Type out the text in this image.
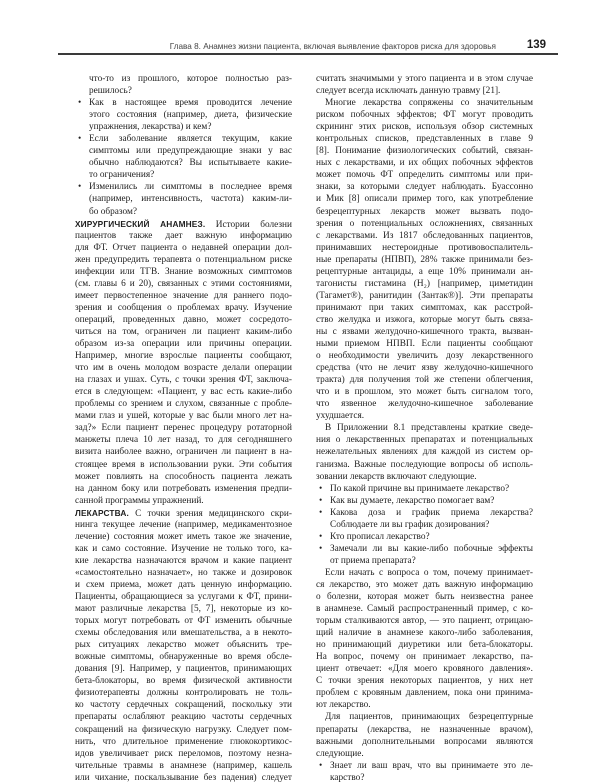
Глава 8. Анамнез жизни пациента, включая выявление факторов риска для здоровья	139
что-то из прошлого, которое полностью раз-
решилось?
• Как в настоящее время проводится лечение
этого состояния (например, диета, физические
упражнения, лекарства) и кем?
• Если заболевание является текущим, какие
симптомы или предупреждающие знаки у вас
обычно наблюдаются? Вы испытываете какие-
то ограничения?
• Изменились ли симптомы в последнее время
(например, интенсивность, частота) каким-ли-
бо образом?
ХИРУРГИЧЕСКИЙ АНАМНЕЗ. Истории болезни
пациентов также дает важную информацию
для ФТ. Отчет пациента о недавней операции дол-
жен предупредить терапевта о потенциальном риске
инфекции или ТГВ. Знание возможных симптомов
(см. главы 6 и 20), связанных с этими состояниями,
имеет первостепенное значение для раннего подо-
зрения и сообщения о проблемах врачу. Изучение
операций, проведенных давно, может сосредото-
читься на том, ограничен ли пациент каким-либо
образом из-за операции или причины операции.
Например, многие взрослые пациенты сообщают,
что им в очень молодом возрасте делали операции
на глазах и ушах. Суть, с точки зрения ФТ, заключа-
ется в следующем: «Пациент, у вас есть какие-либо
проблемы со зрением и слухом, связанные с пробле-
мами глаз и ушей, которые у вас были много лет на-
зад?» Если пациент перенес процедуру ротаторной
манжеты плеча 10 лет назад, то для сегодняшнего
визита наиболее важно, ограничен ли пациент в на-
стоящее время в использовании руки. Эти события
может повлиять на способность пациента лежать
на данном боку или потребовать изменения предпи-
санной программы упражнений.
ЛЕКАРСТВА. С точки зрения медицинского скри-
нинга текущее лечение (например, медикаментозное
лечение) состояния может иметь такое же значение,
как и само состояние. Изучение не только того, ка-
кие лекарства назначаются врачом и какие пациент
«самостоятельно назначает», но также и дозировок
и схем приема, может дать ценную информацию.
Пациенты, обращающиеся за услугами к ФТ, прини-
мают различные лекарства [5, 7], некоторые из ко-
торых могут потребовать от ФТ изменить обычные
схемы обследования или вмешательства, а в некото-
рых ситуациях лекарство может объяснить тре-
вожные симптомы, обнаруженные во время обсле-
дования [9]. Например, у пациентов, принимающих
бета-блокаторы, во время физической активности
физиотерапевты должны контролировать не толь-
ко частоту сердечных сокращений, поскольку эти
препараты ослабляют реакцию частоты сердечных
сокращений на физическую нагрузку. Следует пом-
нить, что длительное применение глюкокортикос-
идов увеличивает риск переломов, поэтому незна-
чительные травмы в анамнезе (например, кашель
или чихание, поскальзывание без падения) следует
считать значимыми у этого пациента и в этом случае
следует всегда исключать данную травму [21].
Многие лекарства сопряжены со значительным
риском побочных эффектов; ФТ могут проводить
скрининг этих рисков, используя обзор системных
контрольных списков, представленных в главе 9
[8]. Понимание физиологических событий, связан-
ных с лекарствами, и их общих побочных эффектов
может помочь ФТ определить симптомы или при-
знаки, за которыми следует наблюдать. Буассонно
и Мик [8] описали пример того, как употребление
безрецептурных лекарств может вызвать подо-
зрения о потенциальных осложнениях, связанных
с лекарствами. Из 1817 обследованных пациентов,
принимавших нестероидные противовоспалитель-
ные препараты (НПВП), 28% также принимали без-
рецептурные антациды, а еще 10% принимали ан-
тагонисты гистамина (H₂) [например, циметидин
(Тагамет®), ранитидин (Зантак®)]. Эти препараты
принимают при таких симптомах, как расстрой-
ство желудка и изжога, которые могут быть связа-
ны с язвами желудочно-кишечного тракта, вызван-
ными приемом НПВП. Если пациенты сообщают
о необходимости увеличить дозу лекарственного
средства (что не лечит язву желудочно-кишечного
тракта) для получения той же степени облегчения,
что и в прошлом, это может быть сигналом того,
что язвенное желудочно-кишечное заболевание
ухудшается.
В Приложении 8.1 представлены краткие сведе-
ния о лекарственных препаратах и потенциальных
нежелательных явлениях для каждой из систем ор-
ганизма. Важные последующие вопросы об исполь-
зовании лекарств включают следующие.
• По какой причине вы принимаете лекарство?
• Как вы думаете, лекарство помогает вам?
• Какова доза и график приема лекарства?
Соблюдаете ли вы график дозирования?
• Кто прописал лекарство?
• Замечали ли вы какие-либо побочные эффекты
от приема препарата?
Если начать с вопроса о том, почему принимает-
ся лекарство, это может дать важную информацию
о болезни, которая может быть неизвестна ранее
в анамнезе. Самый распространенный пример, с ко-
торым сталкиваются автор, — это пациент, отрицаю-
щий наличие в анамнезе какого-либо заболевания,
но принимающий диуретики или бета-блокаторы.
На вопрос, почему он принимает лекарство, па-
циент отвечает: «Для моего кровяного давления».
С точки зрения некоторых пациентов, у них нет
проблем с кровяным давлением, пока они принима-
ют лекарство.
Для пациентов, принимающих безрецептурные
препараты (лекарства, не назначенные врачом),
важными дополнительными вопросами являются
следующие.
• Знает ли ваш врач, что вы принимаете это ле-
карство?
